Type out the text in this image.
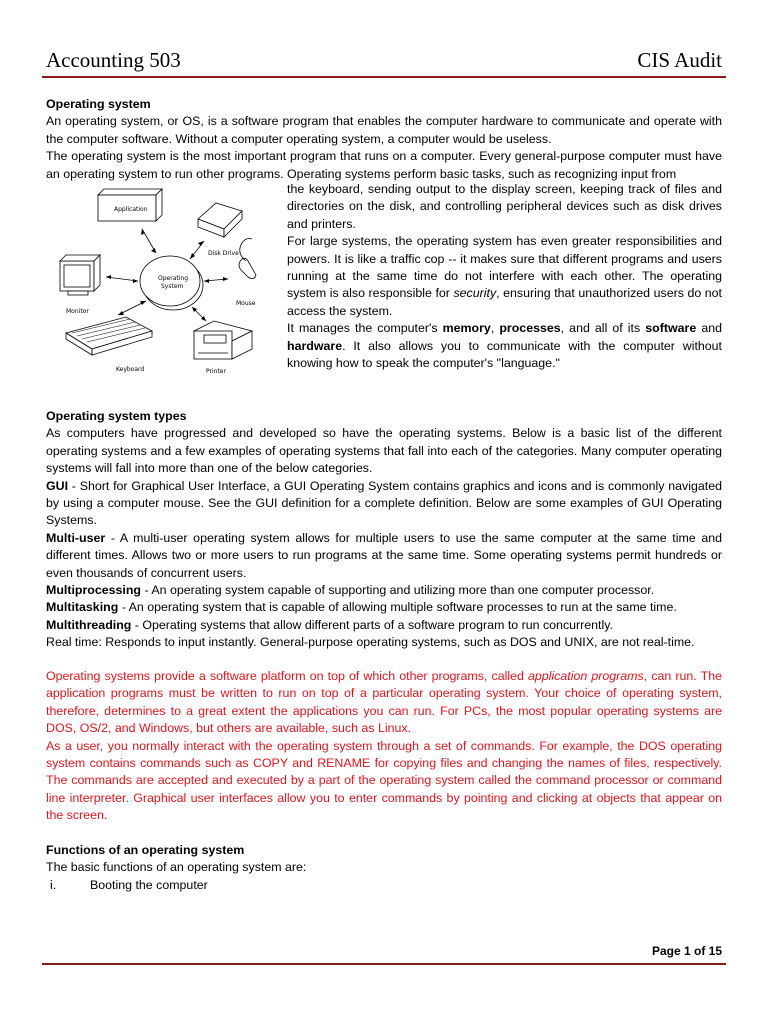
Accounting 503	CIS Audit

Operating system

An operating system, or OS, is a software program that enables the computer hardware to communicate and operate with the computer software. Without a computer operating system, a computer would be useless.

The operating system is the most important program that runs on a computer. Every general-purpose computer must have an operating system to run other programs. Operating systems perform basic tasks, such as recognizing input from

Application
Disk Drive
Operating
System
Mouse
Monitor
Keyboard	Printer

the keyboard, sending output to the display screen, keeping track of files and directories on the disk, and controlling peripheral devices such as disk drives and printers.

For large systems, the operating system has even greater responsibilities and powers. It is like a traffic cop -- it makes sure that different programs and users running at the same time do not interfere with each other. The operating system is also responsible for security, ensuring that unauthorized users do not access the system.

It manages the computer's memory, processes, and all of its software and hardware. It also allows you to communicate with the computer without knowing how to speak the computer's "language."

Operating system types

As computers have progressed and developed so have the operating systems. Below is a basic list of the different operating systems and a few examples of operating systems that fall into each of the categories. Many computer operating systems will fall into more than one of the below categories.

GUI - Short for Graphical User Interface, a GUI Operating System contains graphics and icons and is commonly navigated by using a computer mouse. See the GUI definition for a complete definition. Below are some examples of GUI Operating Systems.

Multi-user - A multi-user operating system allows for multiple users to use the same computer at the same time and different times. Allows two or more users to run programs at the same time. Some operating systems permit hundreds or even thousands of concurrent users.

Multiprocessing - An operating system capable of supporting and utilizing more than one computer processor.

Multitasking - An operating system that is capable of allowing multiple software processes to run at the same time.

Multithreading - Operating systems that allow different parts of a software program to run concurrently.

Real time: Responds to input instantly. General-purpose operating systems, such as DOS and UNIX, are not real-time.

Operating systems provide a software platform on top of which other programs, called application programs, can run. The application programs must be written to run on top of a particular operating system. Your choice of operating system, therefore, determines to a great extent the applications you can run. For PCs, the most popular operating systems are DOS, OS/2, and Windows, but others are available, such as Linux.

As a user, you normally interact with the operating system through a set of commands. For example, the DOS operating system contains commands such as COPY and RENAME for copying files and changing the names of files, respectively. The commands are accepted and executed by a part of the operating system called the command processor or command line interpreter. Graphical user interfaces allow you to enter commands by pointing and clicking at objects that appear on the screen.

Functions of an operating system

The basic functions of an operating system are:

i.	Booting the computer
Page 1 of 15
